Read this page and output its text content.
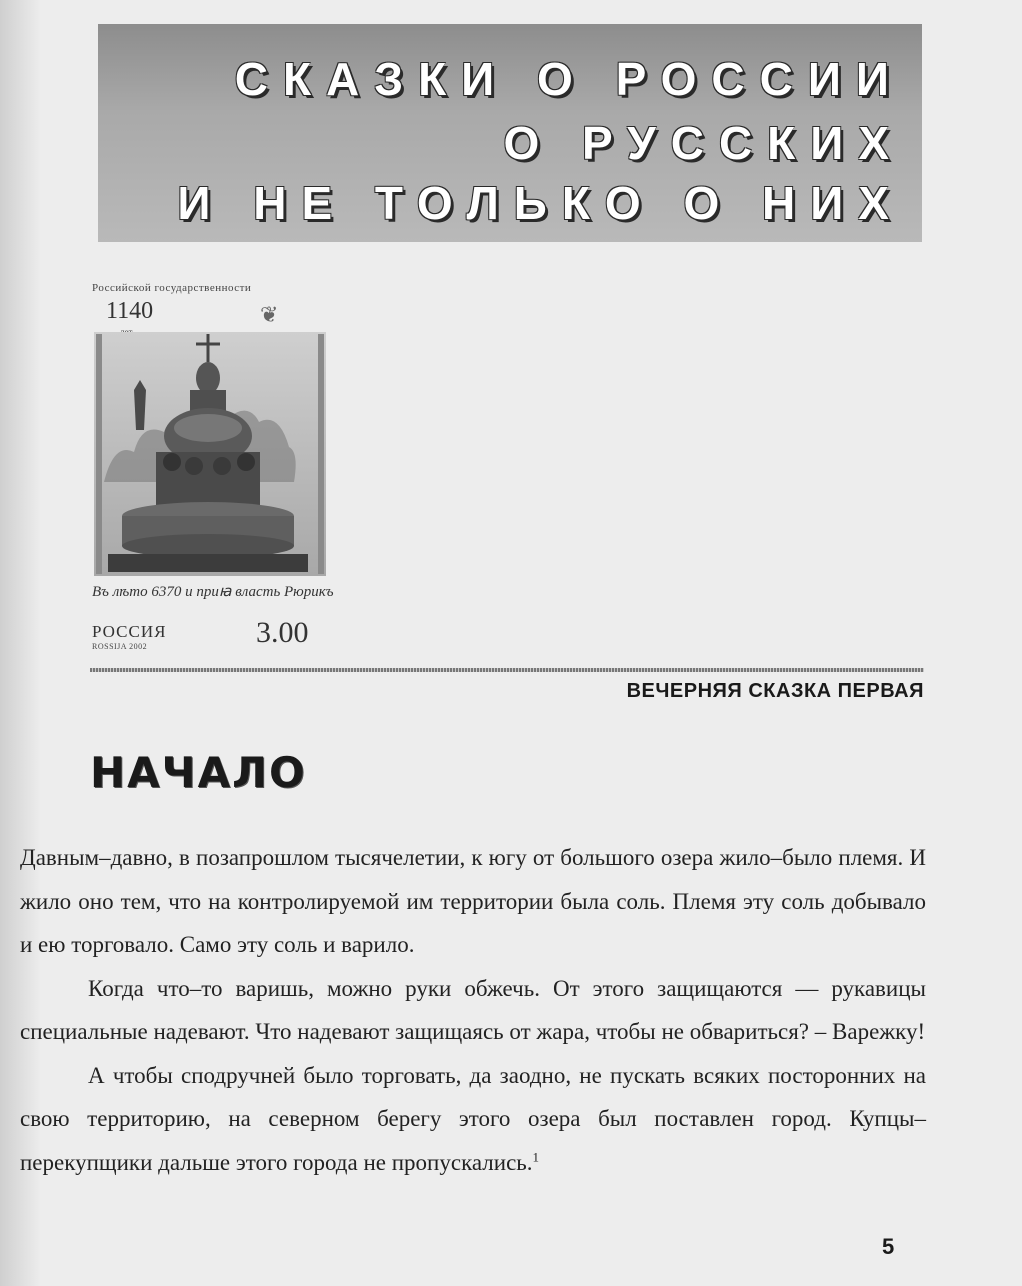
СКАЗКИ О РОССИИ
О РУССКИХ
И НЕ ТОЛЬКО О НИХ
Российской государственности
1140	❦
Въ лѣто 6370 и приꙗ власть Рюрикъ
РОССИЯ
ROSSIJA 2002	3.00
ВЕЧЕРНЯЯ СКАЗКА ПЕРВАЯ
НАЧАЛО

Давным–давно, в позапрошлом тысячелетии, к югу от большого озера жило–было племя. И жило оно тем, что на контролируемой им территории была соль. Племя эту соль добывало и ею торговало. Само эту соль и варило.

Когда что–то варишь, можно руки обжечь. От этого защищаются — рукавицы специальные надевают. Что надевают защищаясь от жара, чтобы не обвариться? – Варежку!

А чтобы сподручней было торговать, да заодно, не пускать всяких посторонних на свою территорию, на северном берегу этого озера был поставлен город. Купцы–перекупщики дальше этого города не пропускались.$^1$

5
